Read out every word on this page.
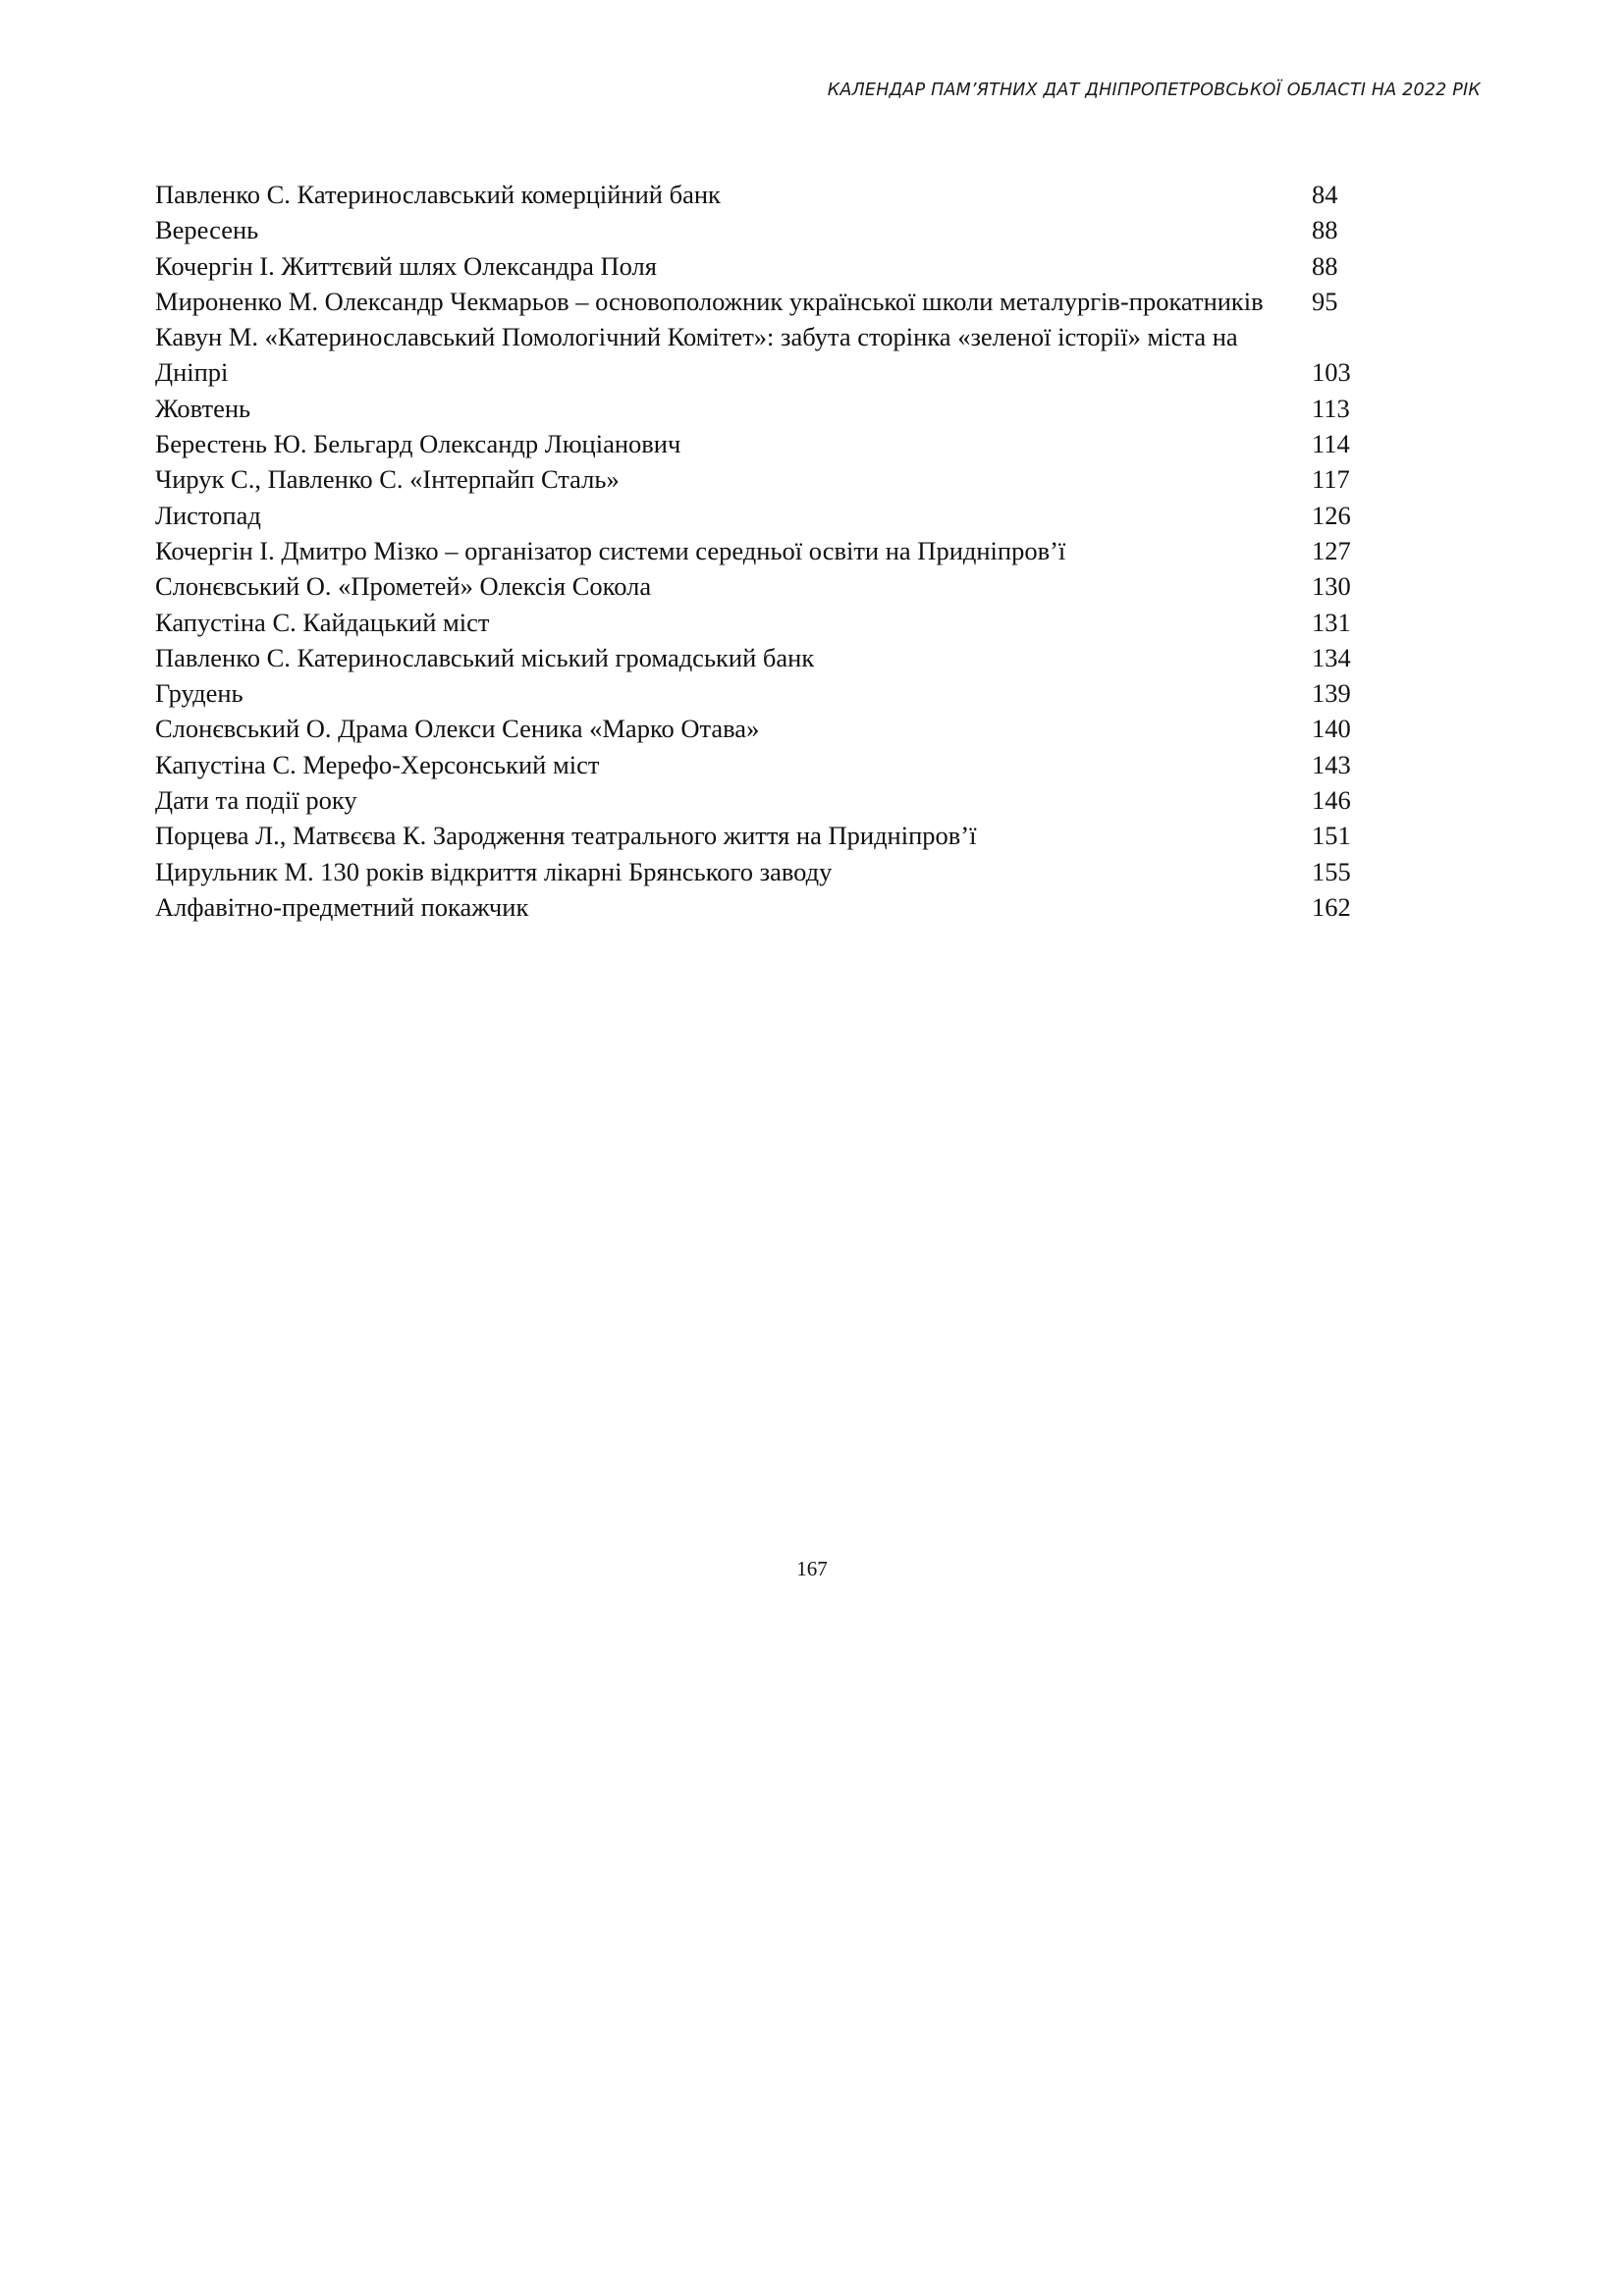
КАЛЕНДАР ПАМ’ЯТНИХ ДАТ ДНІПРОПЕТРОВСЬКОЇ ОБЛАСТІ НА 2022 РІК
Павленко С. Катеринославський комерційний банк	84
Вересень	88
Кочергін І. Життєвий шлях Олександра Поля	88
Мироненко М. Олександр Чекмарьов – основоположник української школи металургів-прокатників	95
Кавун М. «Катеринославський Помологічний Комітет»: забута сторінка «зеленої історії» міста на Дніпрі	103
Жовтень	113
Берестень Ю. Бельгард Олександр Люціанович	114
Чирук С., Павленко С. «Інтерпайп Сталь»	117
Листопад	126
Кочергін І. Дмитро Мізко – організатор системи середньої освіти на Придніпров’ї	127
Слонєвський О. «Прометей» Олексія Сокола	130
Капустіна С. Кайдацький міст	131
Павленко С. Катеринославський міський громадський банк	134
Грудень	139
Слонєвський О. Драма Олекси Сеника «Марко Отава»	140
Капустіна С. Мерефо-Херсонський міст	143
Дати та події року	146
Порцева Л., Матвєєва К. Зародження театрального життя на Придніпров’ї	151
Цирульник М. 130 років відкриття лікарні Брянського заводу	155
Алфавітно-предметний покажчик	162
167
